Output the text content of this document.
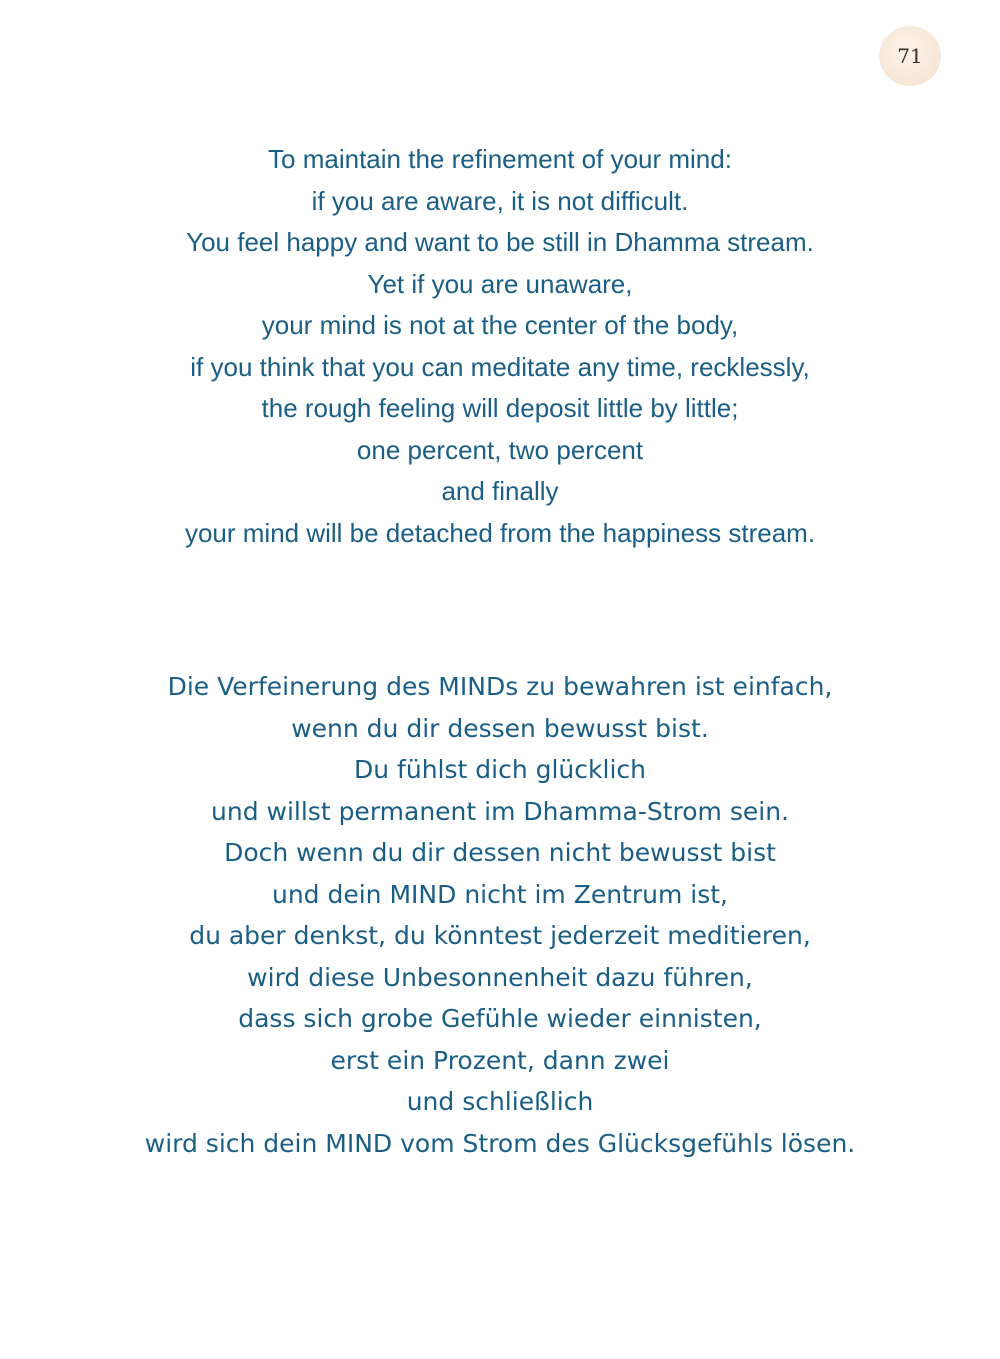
71
To maintain the refinement of your mind:
if you are aware, it is not difficult.
You feel happy and want to be still in Dhamma stream.
Yet if you are unaware,
your mind is not at the center of the body,
if you think that you can meditate any time, recklessly,
the rough feeling will deposit little by little;
one percent, two percent
and finally
your mind will be detached from the happiness stream.
Die Verfeinerung des MINDs zu bewahren ist einfach,
wenn du dir dessen bewusst bist.
Du fühlst dich glücklich
und willst permanent im Dhamma-Strom sein.
Doch wenn du dir dessen nicht bewusst bist
und dein MIND nicht im Zentrum ist,
du aber denkst, du könntest jederzeit meditieren,
wird diese Unbesonnenheit dazu führen,
dass sich grobe Gefühle wieder einnisten,
erst ein Prozent, dann zwei
und schließlich
wird sich dein MIND vom Strom des Glücksgefühls lösen.
